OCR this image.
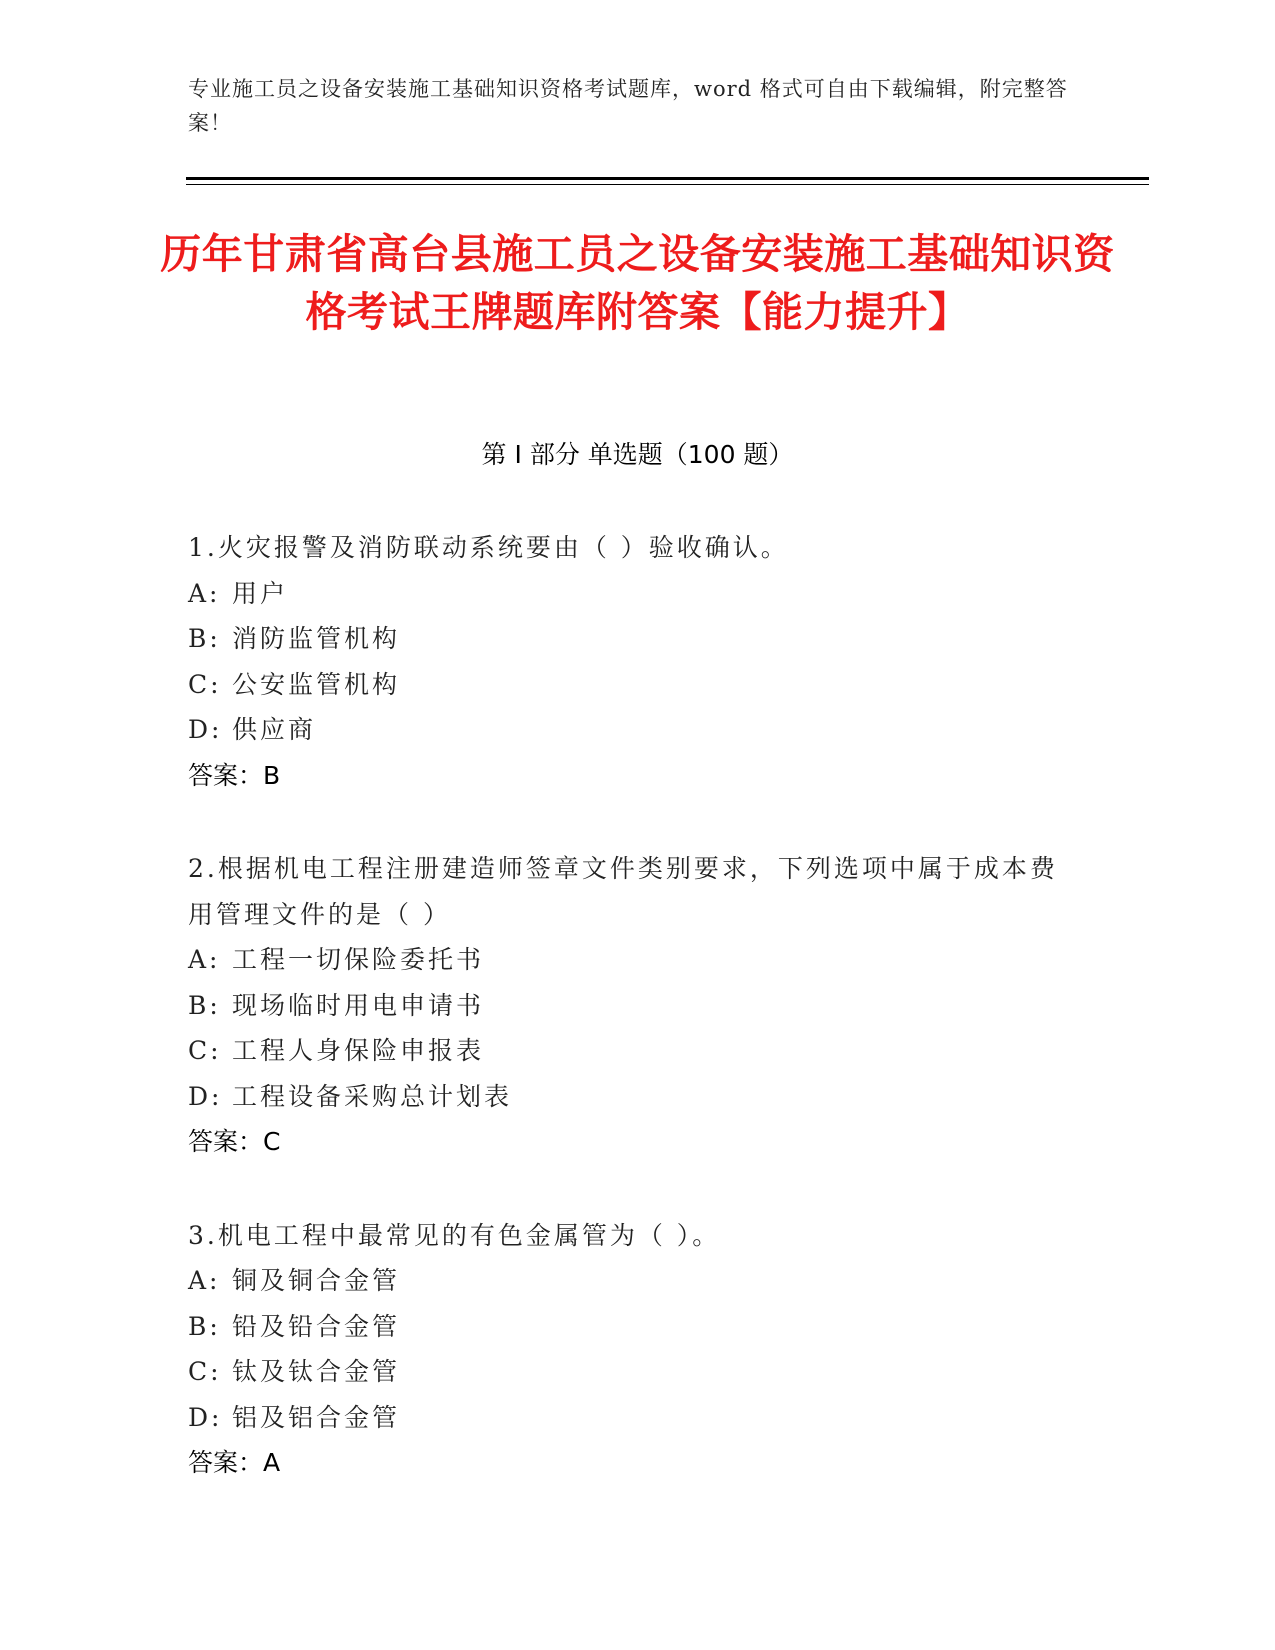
专业施工员之设备安装施工基础知识资格考试题库，word 格式可自由下载编辑，附完整答案！
历年甘肃省高台县施工员之设备安装施工基础知识资格考试王牌题库附答案【能力提升】
第 I 部分 单选题（100 题）
1.火灾报警及消防联动系统要由（ ）验收确认。
A: 用户
B: 消防监管机构
C: 公安监管机构
D: 供应商
答案：B
2.根据机电工程注册建造师签章文件类别要求，下列选项中属于成本费用管理文件的是（ ）
A: 工程一切保险委托书
B: 现场临时用电申请书
C: 工程人身保险申报表
D: 工程设备采购总计划表
答案：C
3.机电工程中最常见的有色金属管为（ ）。
A: 铜及铜合金管
B: 铅及铅合金管
C: 钛及钛合金管
D: 铝及铝合金管
答案：A
